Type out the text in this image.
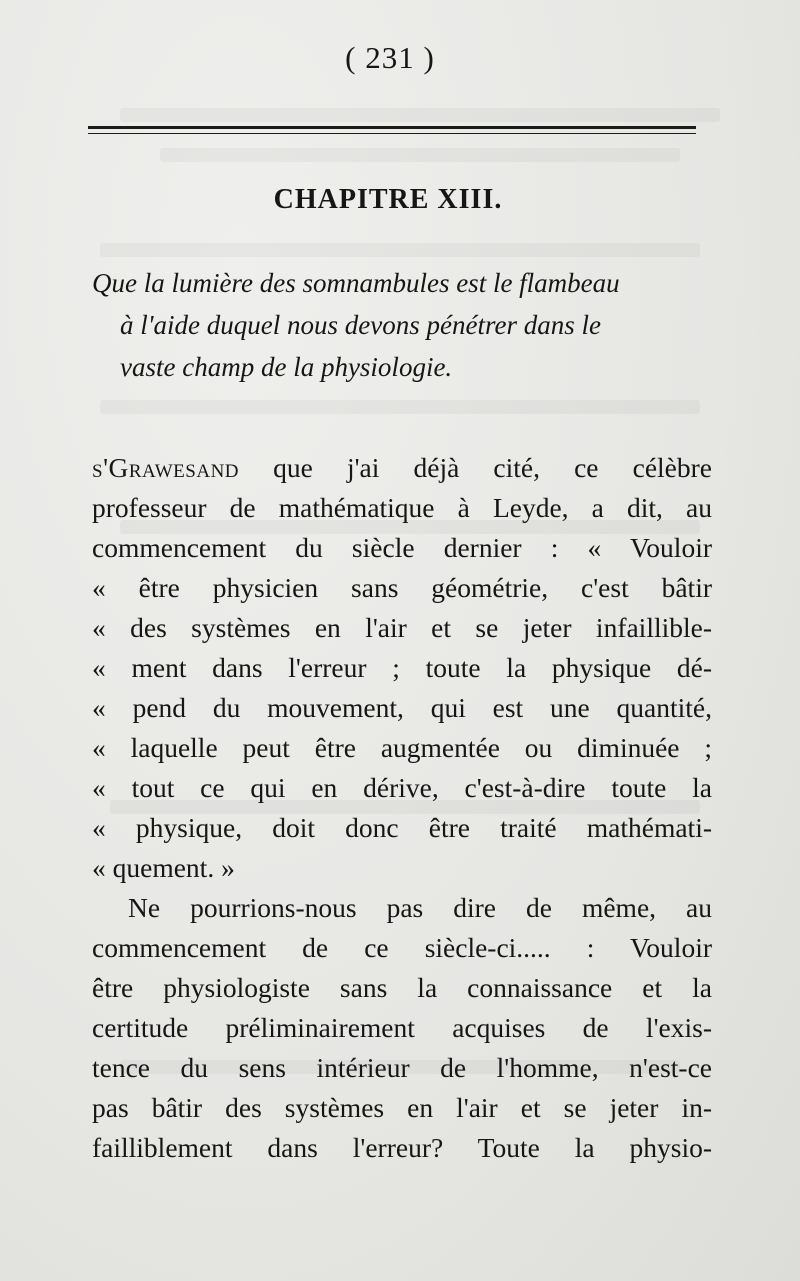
( 231 )
CHAPITRE XIII.
Que la lumière des somnambules est le flambeau
à l'aide duquel nous devons pénétrer dans le
vaste champ de la physiologie.
s'Grawesand que j'ai déjà cité, ce célèbre
professeur de mathématique à Leyde, a dit, au
commencement du siècle dernier : « Vouloir
« être physicien sans géométrie, c'est bâtir
« des systèmes en l'air et se jeter infaillible-
« ment dans l'erreur ; toute la physique dé-
« pend du mouvement, qui est une quantité,
« laquelle peut être augmentée ou diminuée ;
« tout ce qui en dérive, c'est-à-dire toute la
« physique, doit donc être traité mathémati-
« quement. »
Ne pourrions-nous pas dire de même, au
commencement de ce siècle-ci..... : Vouloir
être physiologiste sans la connaissance et la
certitude préliminairement acquises de l'exis-
tence du sens intérieur de l'homme, n'est-ce
pas bâtir des systèmes en l'air et se jeter in-
failliblement dans l'erreur? Toute la physio-
